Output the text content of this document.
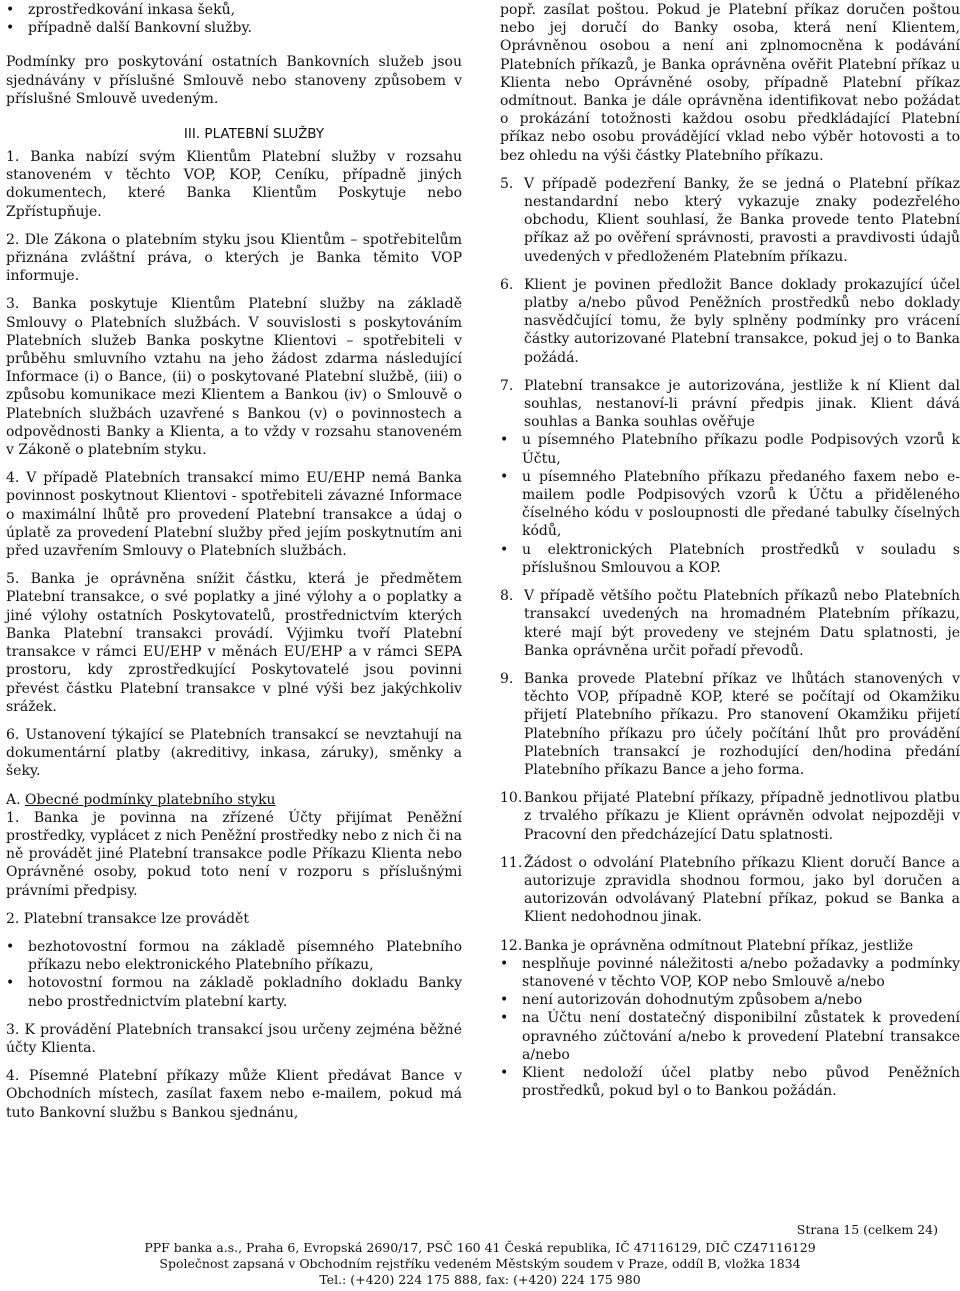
• zprostředkování inkasa šeků,
• případně další Bankovní služby.

Podmínky pro poskytování ostatních Bankovních služeb jsou sjednávány v příslušné Smlouvě nebo stanoveny způsobem v příslušné Smlouvě uvedeným.

III. PLATEBNÍ SLUŽBY

1. Banka nabízí svým Klientům Platební služby v rozsahu stanoveném v těchto VOP, KOP, Ceníku, případně jiných dokumentech, které Banka Klientům Poskytuje nebo Zpřístupňuje.

2. Dle Zákona o platebním styku jsou Klientům – spotřebitelům přiznána zvláštní práva, o kterých je Banka těmito VOP informuje.

3. Banka poskytuje Klientům Platební služby na základě Smlouvy o Platebních službách. V souvislosti s poskytováním Platebních služeb Banka poskytne Klientovi – spotřebiteli v průběhu smluvního vztahu na jeho žádost zdarma následující Informace (i) o Bance, (ii) o poskytované Platební službě, (iii) o způsobu komunikace mezi Klientem a Bankou (iv) o Smlouvě o Platebních službách uzavřené s Bankou (v) o povinnostech a odpovědnosti Banky a Klienta, a to vždy v rozsahu stanoveném v Zákoně o platebním styku.

4. V případě Platebních transakcí mimo EU/EHP nemá Banka povinnost poskytnout Klientovi - spotřebiteli závazné Informace o maximální lhůtě pro provedení Platební transakce a údaj o úplatě za provedení Platební služby před jejím poskytnutím ani před uzavřením Smlouvy o Platebních službách.

5. Banka je oprávněna snížit částku, která je předmětem Platební transakce, o své poplatky a jiné výlohy a o poplatky a jiné výlohy ostatních Poskytovatelů, prostřednictvím kterých Banka Platební transakci provádí. Výjimku tvoří Platební transakce v rámci EU/EHP v měnách EU/EHP a v rámci SEPA prostoru, kdy zprostředkující Poskytovatelé jsou povinni převést částku Platební transakce v plné výši bez jakýchkoliv srážek.

6. Ustanovení týkající se Platebních transakcí se nevztahují na dokumentární platby (akreditivy, inkasa, záruky), směnky a šeky.

A. Obecné podmínky platebního styku

1. Banka je povinna na zřízené Účty přijímat Peněžní prostředky, vyplácet z nich Peněžní prostředky nebo z nich či na ně provádět jiné Platební transakce podle Příkazu Klienta nebo Oprávněné osoby, pokud toto není v rozporu s příslušnými právními předpisy.

2. Platební transakce lze provádět

• bezhotovostní formou na základě písemného Platebního příkazu nebo elektronického Platebního příkazu,
• hotovostní formou na základě pokladního dokladu Banky nebo prostřednictvím platební karty.

3. K provádění Platebních transakcí jsou určeny zejména běžné účty Klienta.

4. Písemné Platební příkazy může Klient předávat Bance v Obchodních místech, zasílat faxem nebo e-mailem, pokud má tuto Bankovní službu s Bankou sjednánu,

popř. zasílat poštou. Pokud je Platební příkaz doručen poštou nebo jej doručí do Banky osoba, která není Klientem, Oprávněnou osobou a není ani zplnomocněna k podávání Platebních příkazů, je Banka oprávněna ověřit Platební příkaz u Klienta nebo Oprávněné osoby, případně Platební příkaz odmítnout. Banka je dále oprávněna identifikovat nebo požádat o prokázání totožnosti každou osobu předkládající Platební příkaz nebo osobu provádějící vklad nebo výběr hotovosti a to bez ohledu na výši částky Platebního příkazu.

5. V případě podezření Banky, že se jedná o Platební příkaz nestandardní nebo který vykazuje znaky podezřelého obchodu, Klient souhlasí, že Banka provede tento Platební příkaz až po ověření správnosti, pravosti a pravdivosti údajů uvedených v předloženém Platebním příkazu.
6. Klient je povinen předložit Bance doklady prokazující účel platby a/nebo původ Peněžních prostředků nebo doklady nasvědčující tomu, že byly splněny podmínky pro vrácení částky autorizované Platební transakce, pokud jej o to Banka požádá.
7. Platební transakce je autorizována, jestliže k ní Klient dal souhlas, nestanoví-li právní předpis jinak. Klient dává souhlas a Banka souhlas ověřuje
• u písemného Platebního příkazu podle Podpisových vzorů k Účtu,
• u písemného Platebního příkazu předaného faxem nebo e-mailem podle Podpisových vzorů k Účtu a přiděleného číselného kódu v posloupnosti dle předané tabulky číselných kódů,
• u elektronických Platebních prostředků v souladu s příslušnou Smlouvou a KOP.
8. V případě většího počtu Platebních příkazů nebo Platebních transakcí uvedených na hromadném Platebním příkazu, které mají být provedeny ve stejném Datu splatnosti, je Banka oprávněna určit pořadí převodů.
9. Banka provede Platební příkaz ve lhůtách stanovených v těchto VOP, případně KOP, které se počítají od Okamžiku přijetí Platebního příkazu. Pro stanovení Okamžiku přijetí Platebního příkazu pro účely počítání lhůt pro provádění Platebních transakcí je rozhodující den/hodina předání Platebního příkazu Bance a jeho forma.
10. Bankou přijaté Platební příkazy, případně jednotlivou platbu z trvalého příkazu je Klient oprávněn odvolat nejpozději v Pracovní den předcházející Datu splatnosti.
11. Žádost o odvolání Platebního příkazu Klient doručí Bance a autorizuje zpravidla shodnou formou, jako byl doručen a autorizován odvolávaný Platební příkaz, pokud se Banka a Klient nedohodnou jinak.
12. Banka je oprávněna odmítnout Platební příkaz, jestliže
• nesplňuje povinné náležitosti a/nebo požadavky a podmínky stanovené v těchto VOP, KOP nebo Smlouvě a/nebo
• není autorizován dohodnutým způsobem a/nebo
• na Účtu není dostatečný disponibilní zůstatek k provedení opravného zúčtování a/nebo k provedení Platební transakce a/nebo
• Klient nedoloží účel platby nebo původ Peněžních prostředků, pokud byl o to Bankou požádán.
Strana 15 (celkem 24)
PPF banka a.s., Praha 6, Evropská 2690/17, PSČ 160 41 Česká republika, IČ 47116129, DIČ CZ47116129
Společnost zapsaná v Obchodním rejstříku vedeném Městským soudem v Praze, oddíl B, vložka 1834
Tel.: (+420) 224 175 888, fax: (+420) 224 175 980
